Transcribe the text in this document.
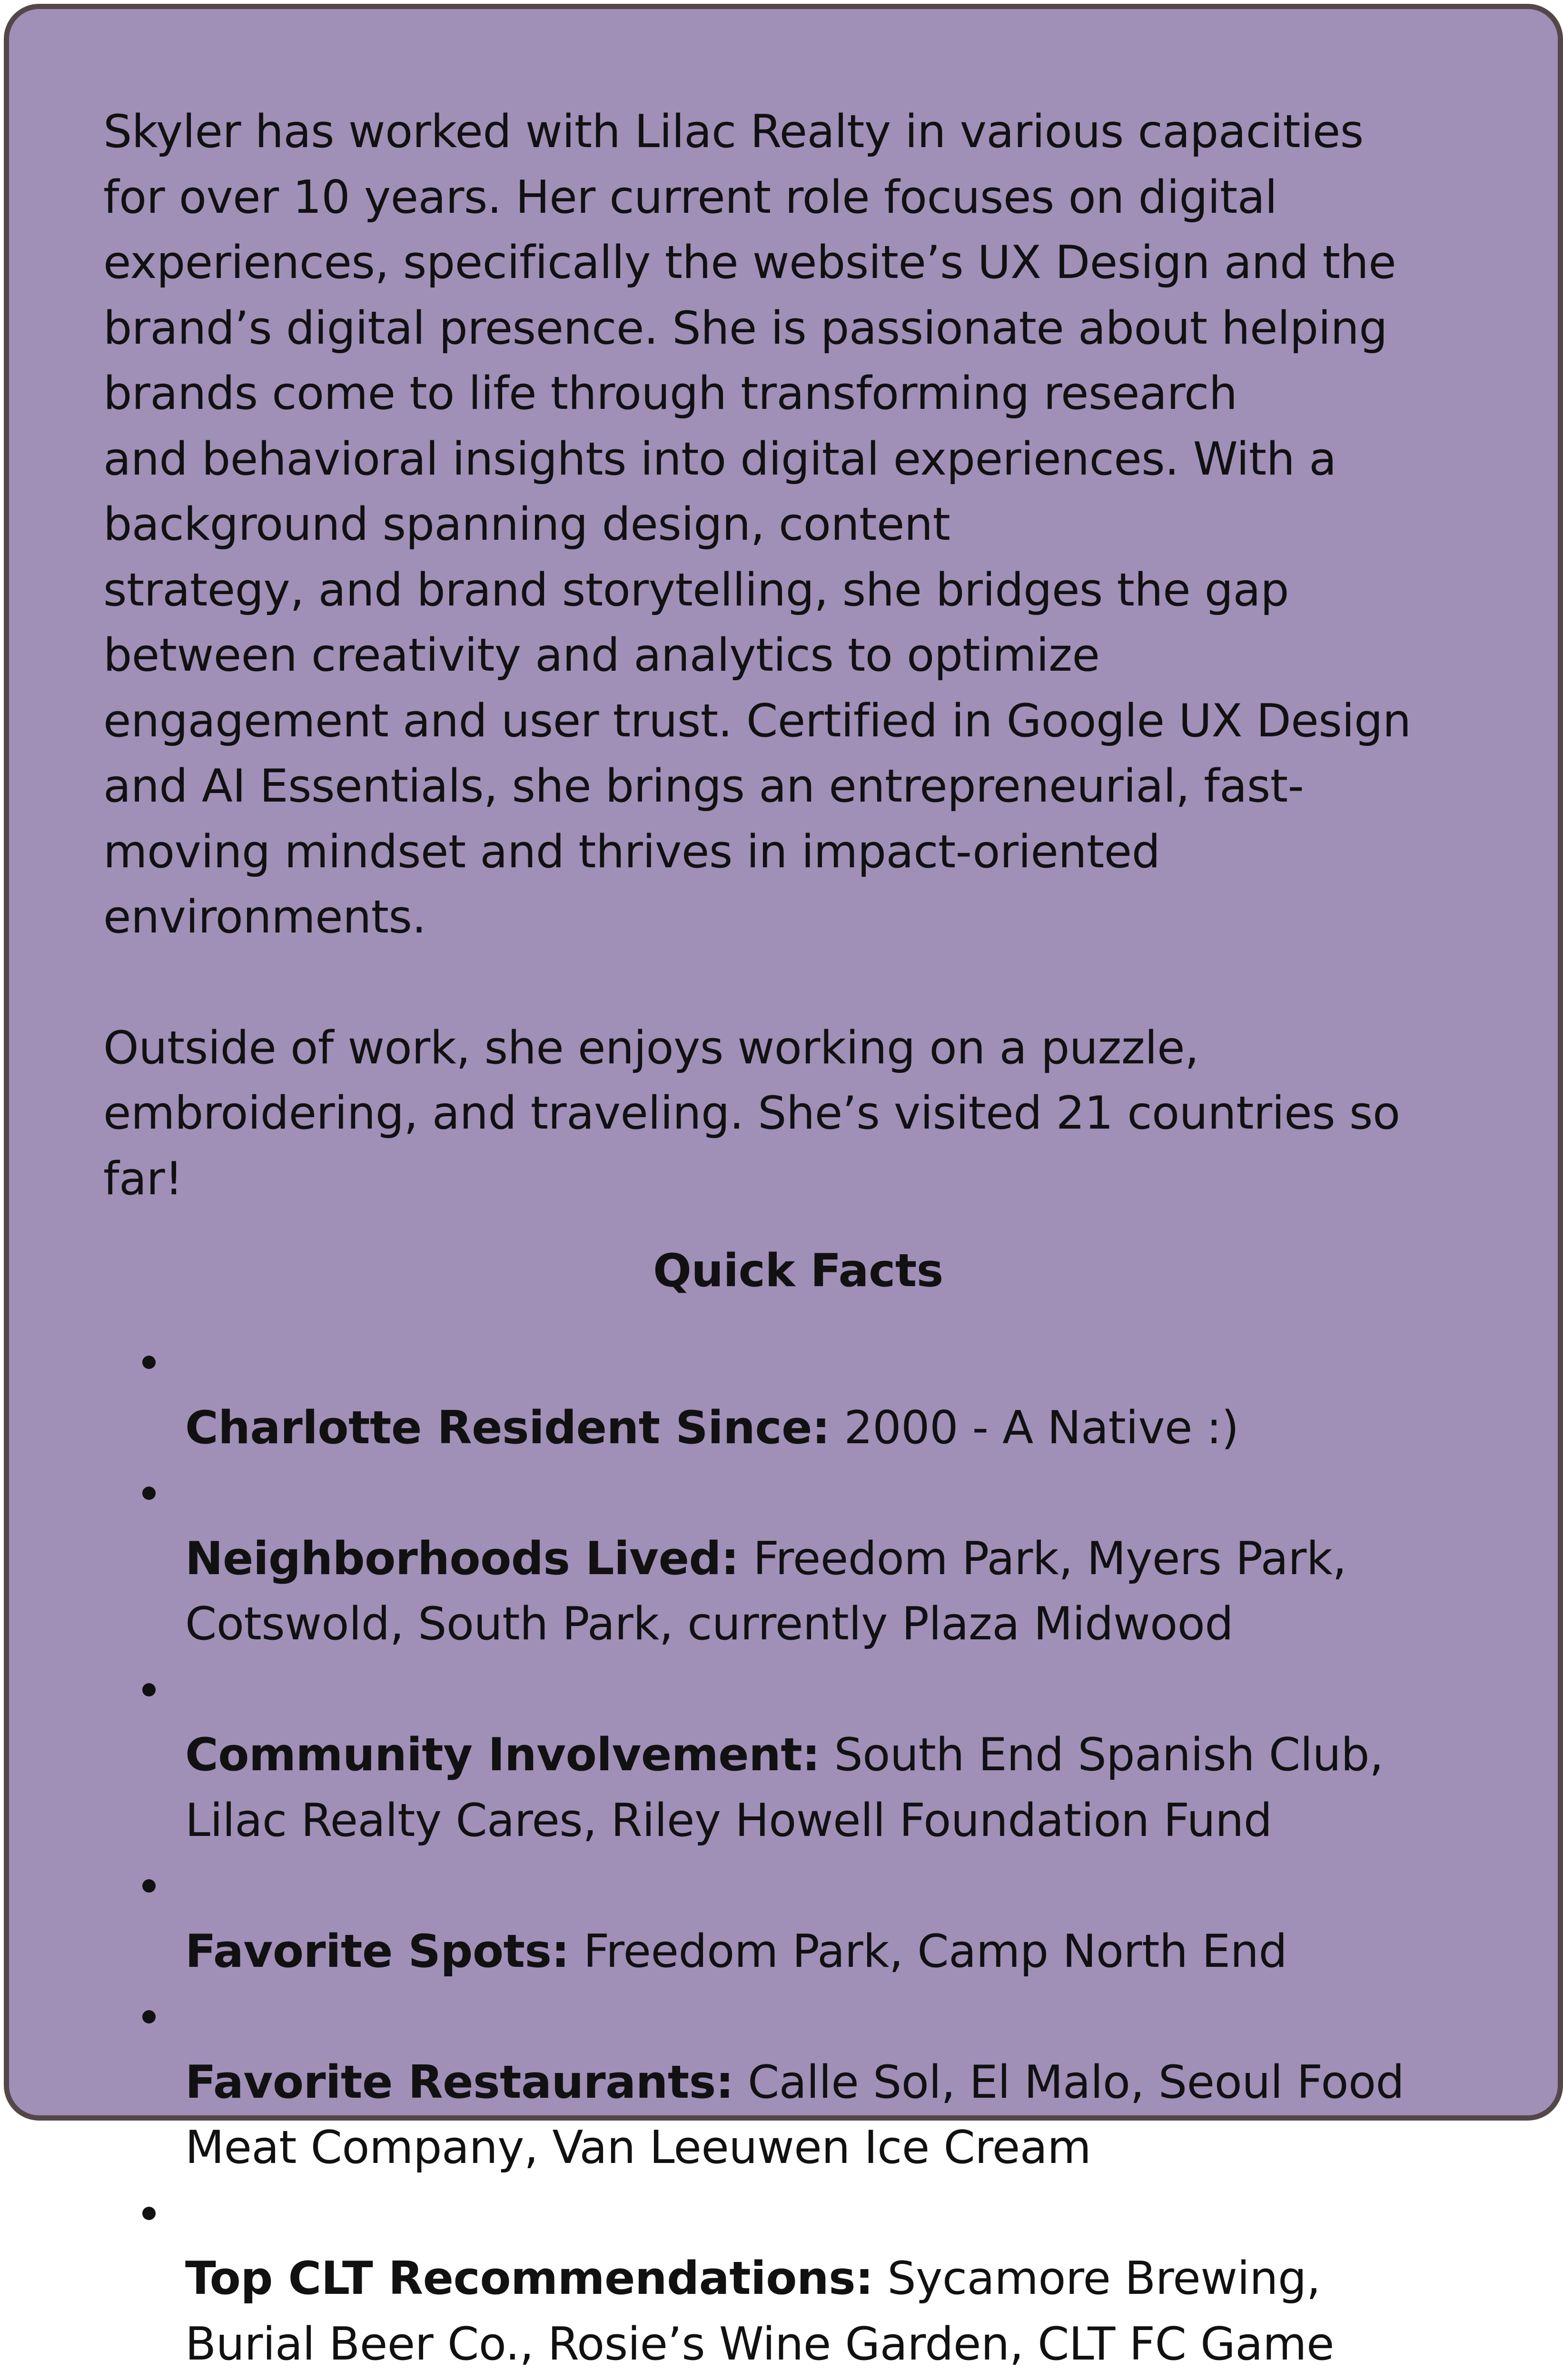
Skyler has worked with Lilac Realty in various capacities
for over 10 years. Her current role focuses on digital
experiences, specifically the website’s UX Design and the
brand’s digital presence. She is passionate about helping
brands come to life through transforming research
and behavioral insights into digital experiences. With a
background spanning design, content
strategy, and brand storytelling, she bridges the gap
between creativity and analytics to optimize
engagement and user trust. Certified in Google UX Design
and AI Essentials, she brings an entrepreneurial, fast-
moving mindset and thrives in impact-oriented
environments.

Outside of work, she enjoys working on a puzzle,
embroidering, and traveling. She’s visited 21 countries so
far!

Quick Facts

Charlotte Resident Since: 2000 - A Native :)

Neighborhoods Lived: Freedom Park, Myers Park,
Cotswold, South Park, currently Plaza Midwood

Community Involvement: South End Spanish Club,
Lilac Realty Cares, Riley Howell Foundation Fund

Favorite Spots: Freedom Park, Camp North End

Favorite Restaurants: Calle Sol, El Malo, Seoul Food
Meat Company, Van Leeuwen Ice Cream

Top CLT Recommendations: Sycamore Brewing,
Burial Beer Co., Rosie’s Wine Garden, CLT FC Game
